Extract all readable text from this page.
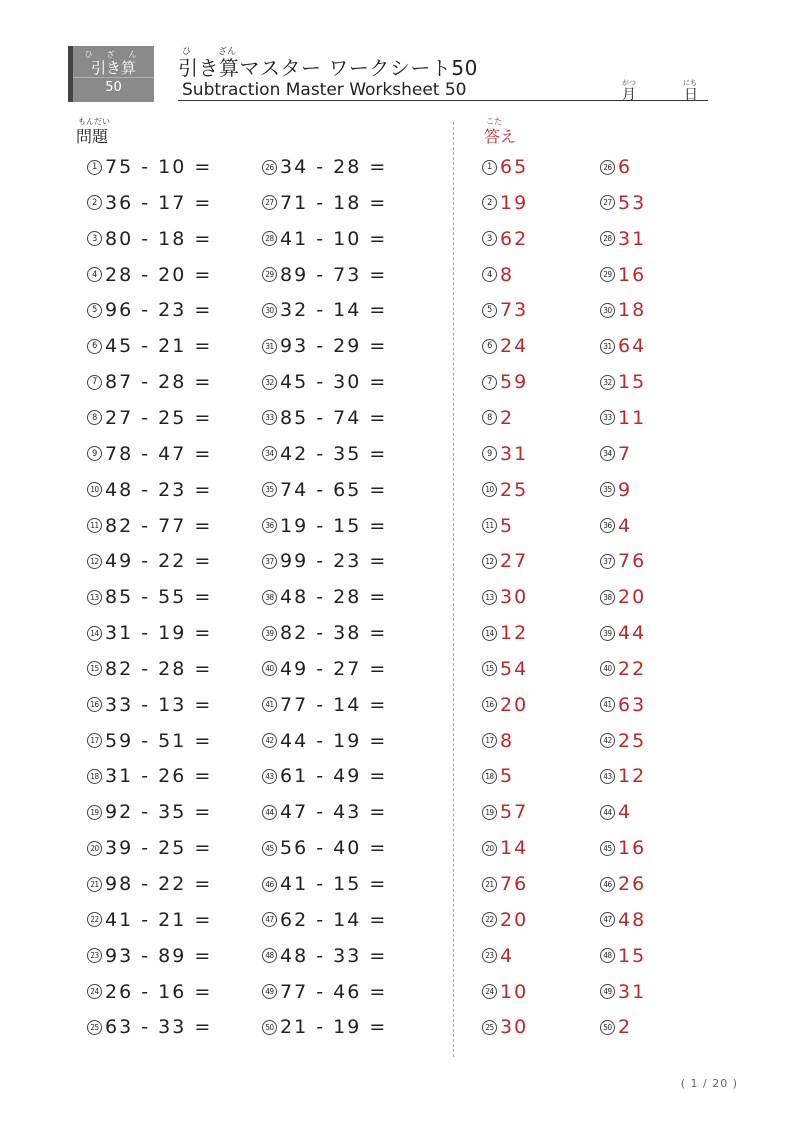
ひざん
引き算
50
ひ	ざん
引き算マスター ワークシート50
Subtraction Master Worksheet 50	がつ
月
にち
日
もんだい
問題
こた
答え
1 75 - 10 =
2 36 - 17 =
3 80 - 18 =
4 28 - 20 =
5 96 - 23 =
6 45 - 21 =
7 87 - 28 =
8 27 - 25 =
9 78 - 47 =
10 48 - 23 =
11 82 - 77 =
12 49 - 22 =
13 85 - 55 =
14 31 - 19 =
15 82 - 28 =
16 33 - 13 =
17 59 - 51 =
18 31 - 26 =
19 92 - 35 =
20 39 - 25 =
21 98 - 22 =
22 41 - 21 =
23 93 - 89 =
24 26 - 16 =
25 63 - 33 =
26 34 - 28 =
27 71 - 18 =
28 41 - 10 =
29 89 - 73 =
30 32 - 14 =
31 93 - 29 =
32 45 - 30 =
33 85 - 74 =
34 42 - 35 =
35 74 - 65 =
36 19 - 15 =
37 99 - 23 =
38 48 - 28 =
39 82 - 38 =
40 49 - 27 =
41 77 - 14 =
42 44 - 19 =
43 61 - 49 =
44 47 - 43 =
45 56 - 40 =
46 41 - 15 =
47 62 - 14 =
48 48 - 33 =
49 77 - 46 =
50 21 - 19 =
1 65
2 19
3 62
4 8
5 73
6 24
7 59
8 2
9 31
10 25
11 5
12 27
13 30
14 12
15 54
16 20
17 8
18 5
19 57
20 14
21 76
22 20
23 4
24 10
25 30
26 6
27 53
28 31
29 16
30 18
31 64
32 15
33 11
34 7
35 9
36 4
37 76
38 20
39 44
40 22
41 63
42 25
43 12
44 4
45 16
46 26
47 48
48 15
49 31
50 2
( 1 / 20 )
